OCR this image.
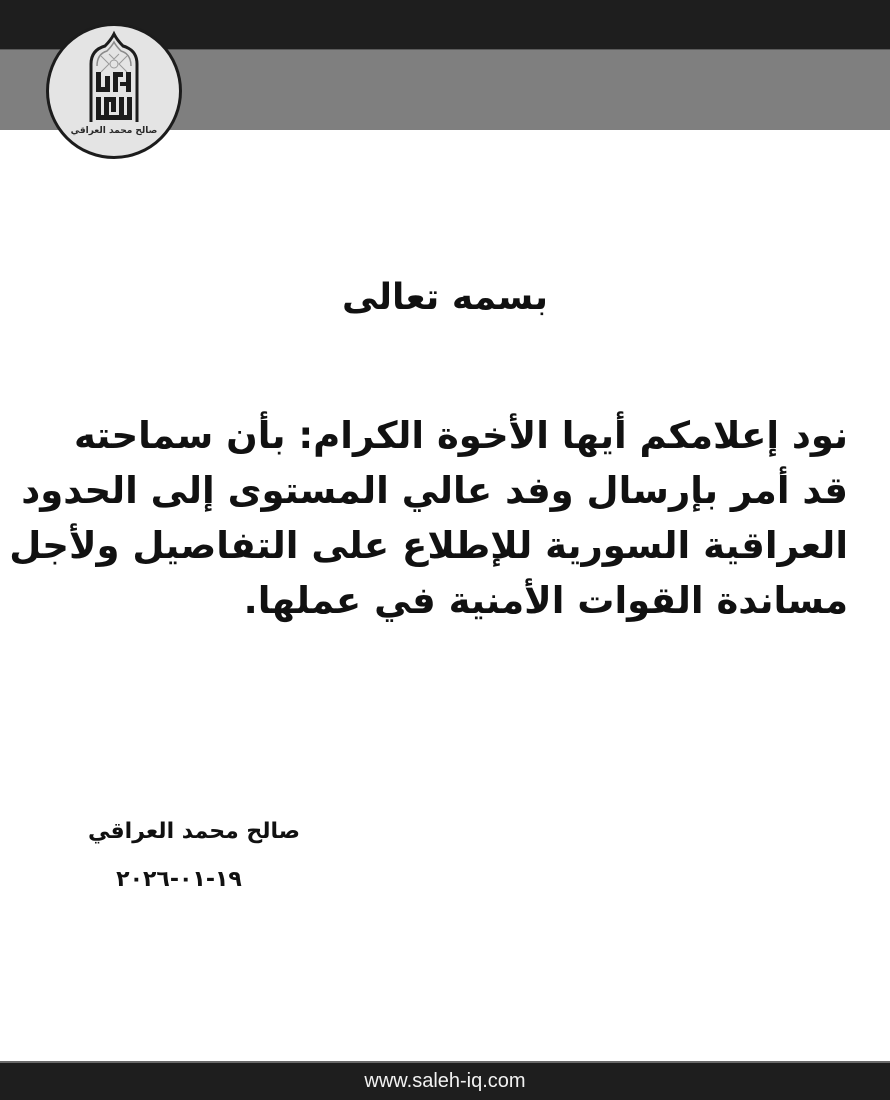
صالح محمد العراقي
بسمه تعالى
نود إعلامكم أيها الأخوة الكرام: بأن سماحته
قد أمر بإرسال وفد عالي المستوى إلى الحدود
العراقية السورية للإطلاع على التفاصيل ولأجل
مساندة القوات الأمنية في عملها.
صالح محمد العراقي
١٩-٠١-٢٠٢٦
www.saleh-iq.com
